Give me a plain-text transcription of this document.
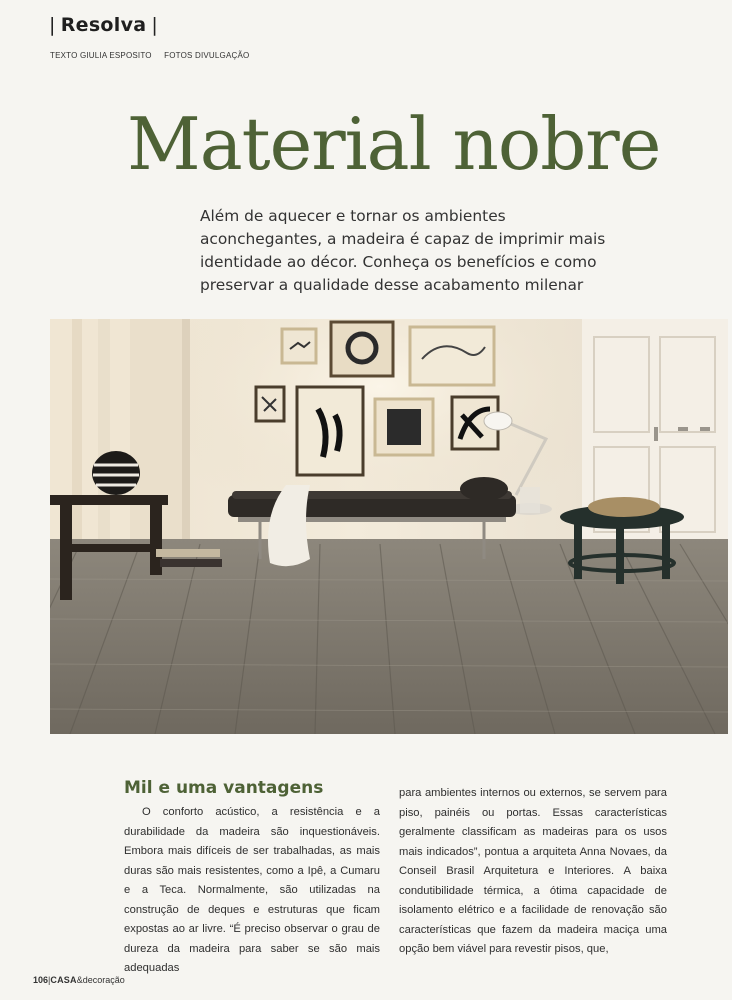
| Resolva |
TEXTO GIULIA ESPOSITO FOTOS DIVULGAÇÃO
Material nobre
Além de aquecer e tornar os ambientes aconchegantes, a madeira é capaz de imprimir mais identidade ao décor. Conheça os benefícios e como preservar a qualidade desse acabamento milenar
Mil e uma vantagens

O conforto acústico, a resistência e a durabilidade da madeira são inquestionáveis. Embora mais difíceis de ser trabalhadas, as mais duras são mais resistentes, como a Ipê, a Cumaru e a Teca. Normalmente, são utilizadas na construção de deques e estruturas que ficam expostas ao ar livre. “É preciso observar o grau de dureza da madeira para saber se são mais adequadas

para ambientes internos ou externos, se servem para piso, painéis ou portas. Essas características geralmente classificam as madeiras para os usos mais indicados”, pontua a arquiteta Anna Novaes, da Conseil Brasil Arquitetura e Interiores. A baixa condutibilidade térmica, a ótima capacidade de isolamento elétrico e a facilidade de renovação são características que fazem da madeira maciça uma opção bem viável para revestir pisos, que,

106|CASA&decoração
